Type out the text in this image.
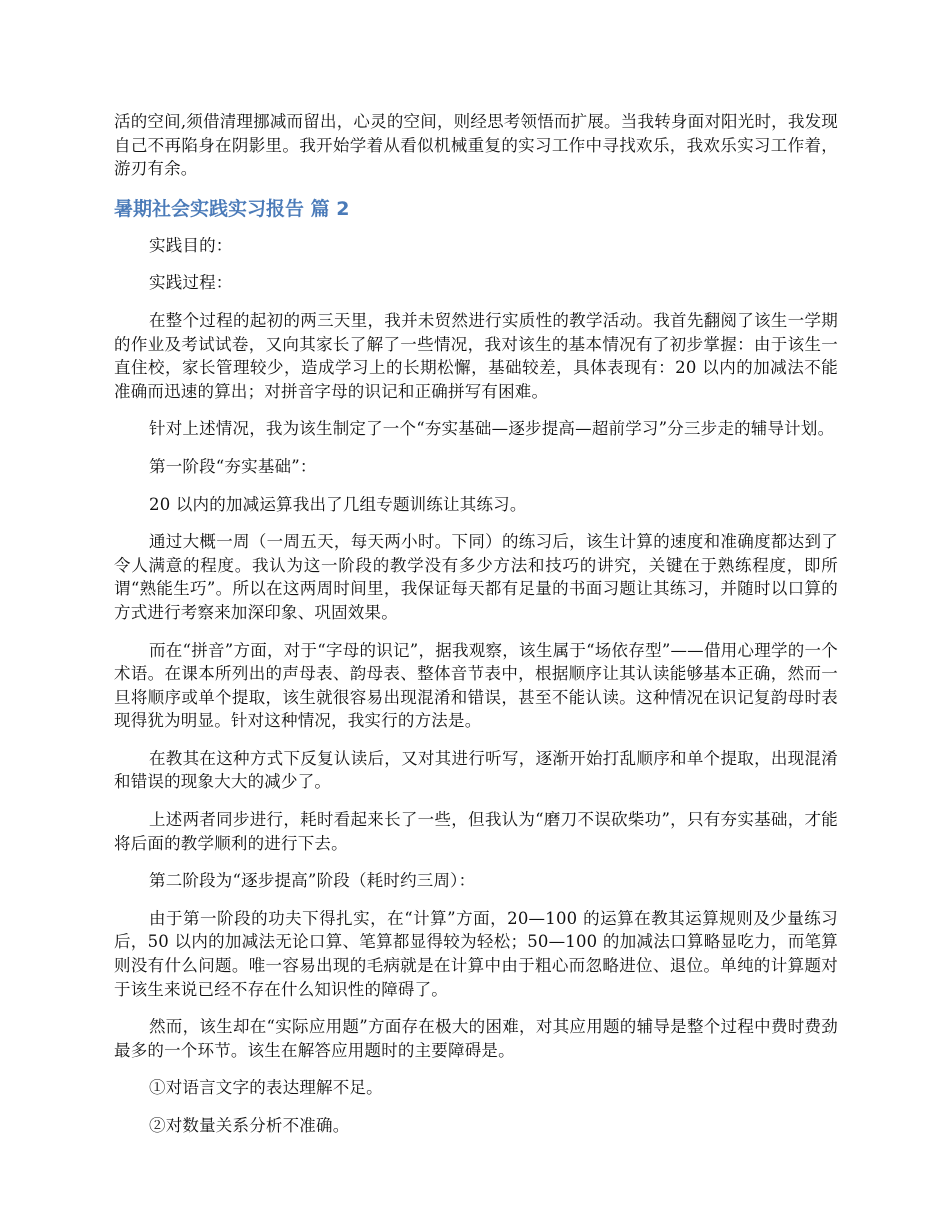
活的空间,须借清理挪减而留出，心灵的空间，则经思考领悟而扩展。当我转身面对阳光时，我发现自己不再陷身在阴影里。我开始学着从看似机械重复的实习工作中寻找欢乐，我欢乐实习工作着，游刃有余。

暑期社会实践实习报告 篇 2

实践目的：

实践过程：

在整个过程的起初的两三天里，我并未贸然进行实质性的教学活动。我首先翻阅了该生一学期的作业及考试试卷，又向其家长了解了一些情况，我对该生的基本情况有了初步掌握：由于该生一直住校，家长管理较少，造成学习上的长期松懈，基础较差，具体表现有：20 以内的加减法不能准确而迅速的算出；对拼音字母的识记和正确拼写有困难。

针对上述情况，我为该生制定了一个“夯实基础—逐步提高—超前学习”分三步走的辅导计划。

第一阶段“夯实基础”：

20 以内的加减运算我出了几组专题训练让其练习。

通过大概一周（一周五天，每天两小时。下同）的练习后，该生计算的速度和准确度都达到了令人满意的程度。我认为这一阶段的教学没有多少方法和技巧的讲究，关键在于熟练程度，即所谓“熟能生巧”。所以在这两周时间里，我保证每天都有足量的书面习题让其练习，并随时以口算的方式进行考察来加深印象、巩固效果。

而在“拼音”方面，对于“字母的识记”，据我观察，该生属于“场依存型”——借用心理学的一个术语。在课本所列出的声母表、韵母表、整体音节表中，根据顺序让其认读能够基本正确，然而一旦将顺序或单个提取，该生就很容易出现混淆和错误，甚至不能认读。这种情况在识记复韵母时表现得犹为明显。针对这种情况，我实行的方法是。

在教其在这种方式下反复认读后，又对其进行听写，逐渐开始打乱顺序和单个提取，出现混淆和错误的现象大大的减少了。

上述两者同步进行，耗时看起来长了一些，但我认为“磨刀不误砍柴功”，只有夯实基础，才能将后面的教学顺利的进行下去。

第二阶段为“逐步提高”阶段（耗时约三周）：

由于第一阶段的功夫下得扎实，在“计算”方面，20—100 的运算在教其运算规则及少量练习后，50 以内的加减法无论口算、笔算都显得较为轻松；50—100 的加减法口算略显吃力，而笔算则没有什么问题。唯一容易出现的毛病就是在计算中由于粗心而忽略进位、退位。单纯的计算题对于该生来说已经不存在什么知识性的障碍了。

然而，该生却在“实际应用题”方面存在极大的困难，对其应用题的辅导是整个过程中费时费劲最多的一个环节。该生在解答应用题时的主要障碍是。

①对语言文字的表达理解不足。

②对数量关系分析不准确。
